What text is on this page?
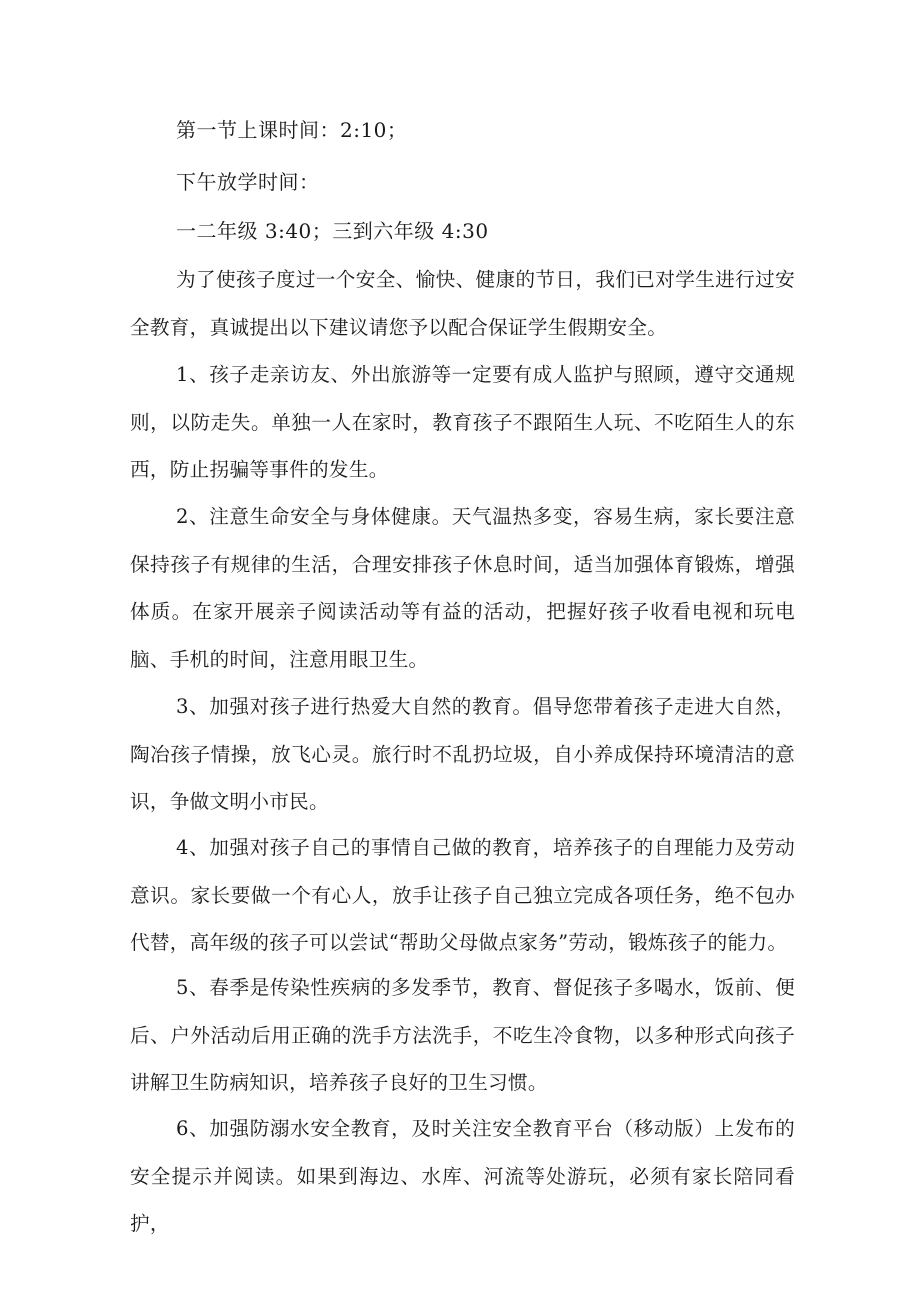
第一节上课时间：2:10；
下午放学时间：
一二年级 3:40；三到六年级 4:30

为了使孩子度过一个安全、愉快、健康的节日，我们已对学生进行过安全教育，真诚提出以下建议请您予以配合保证学生假期安全。

1、孩子走亲访友、外出旅游等一定要有成人监护与照顾，遵守交通规则，以防走失。单独一人在家时，教育孩子不跟陌生人玩、不吃陌生人的东西，防止拐骗等事件的发生。

2、注意生命安全与身体健康。天气温热多变，容易生病，家长要注意保持孩子有规律的生活，合理安排孩子休息时间，适当加强体育锻炼，增强体质。在家开展亲子阅读活动等有益的活动，把握好孩子收看电视和玩电脑、手机的时间，注意用眼卫生。

3、加强对孩子进行热爱大自然的教育。倡导您带着孩子走进大自然，陶冶孩子情操，放飞心灵。旅行时不乱扔垃圾，自小养成保持环境清洁的意识，争做文明小市民。

4、加强对孩子自己的事情自己做的教育，培养孩子的自理能力及劳动意识。家长要做一个有心人，放手让孩子自己独立完成各项任务，绝不包办代替，高年级的孩子可以尝试“帮助父母做点家务”劳动，锻炼孩子的能力。

5、春季是传染性疾病的多发季节，教育、督促孩子多喝水，饭前、便后、户外活动后用正确的洗手方法洗手，不吃生冷食物，以多种形式向孩子讲解卫生防病知识，培养孩子良好的卫生习惯。

6、加强防溺水安全教育，及时关注安全教育平台（移动版）上发布的安全提示并阅读。如果到海边、水库、河流等处游玩，必须有家长陪同看护，
